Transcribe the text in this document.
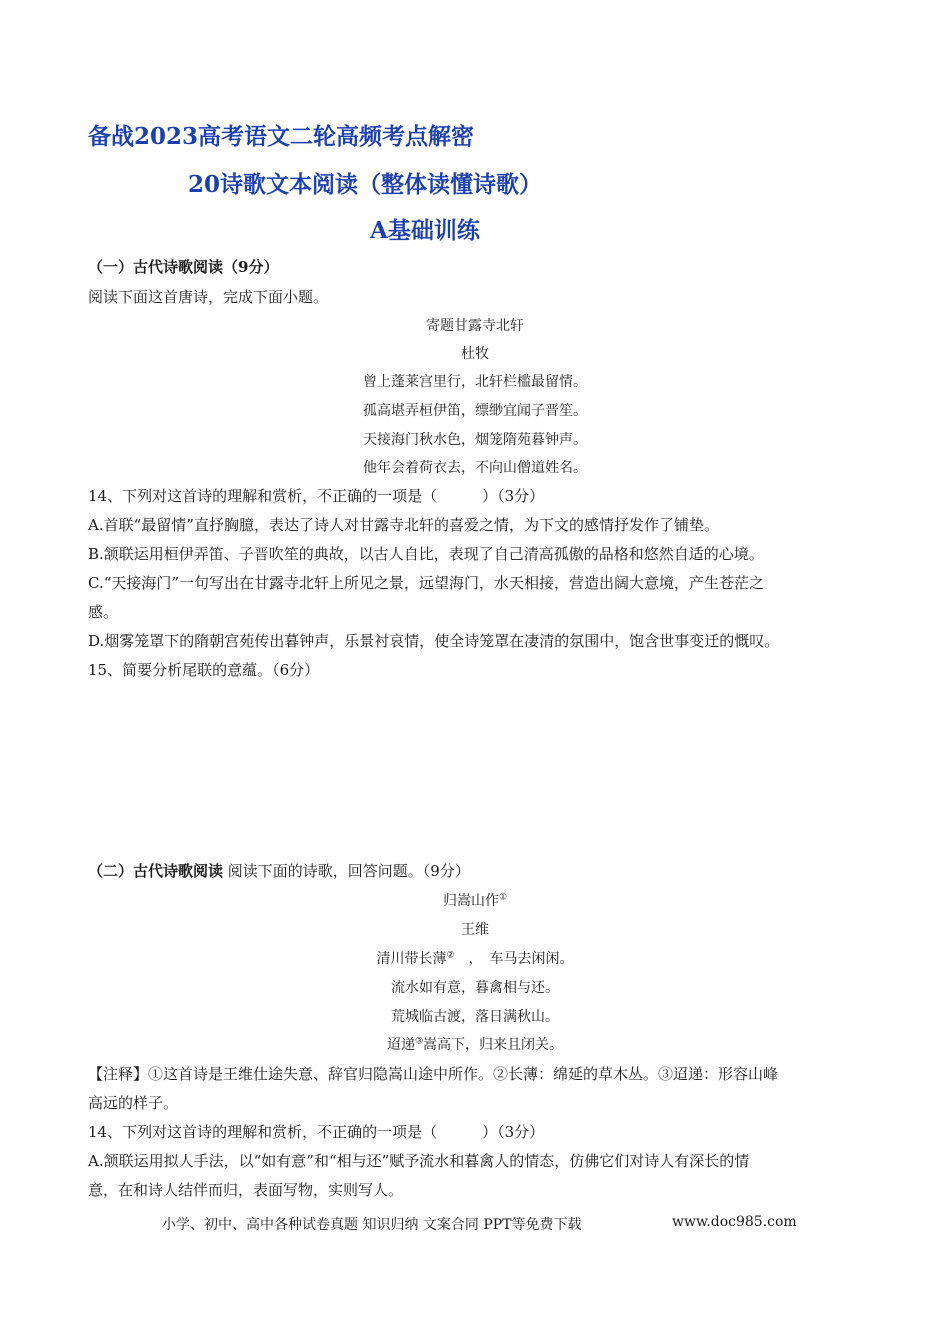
备战2023高考语文二轮高频考点解密
20诗歌文本阅读（整体读懂诗歌）
A基础训练
（一）古代诗歌阅读（9分）
阅读下面这首唐诗，完成下面小题。
寄题甘露寺北轩
杜牧
曾上蓬莱宫里行，北轩栏槛最留情。
孤高堪弄桓伊笛，缥缈宜闻子晋笙。
天接海门秋水色，烟笼隋苑暮钟声。
他年会着荷衣去，不向山僧道姓名。
14、下列对这首诗的理解和赏析，不正确的一项是（　　　）（3分）
A.首联“最留情”直抒胸臆，表达了诗人对甘露寺北轩的喜爱之情，为下文的感情抒发作了铺垫。
B.颔联运用桓伊弄笛、子晋吹笙的典故，以古人自比，表现了自己清高孤傲的品格和悠然自适的心境。
C.“天接海门”一句写出在甘露寺北轩上所见之景，远望海门，水天相接，营造出阔大意境，产生苍茫之
感。
D.烟雾笼罩下的隋朝宫苑传出暮钟声，乐景衬哀情，使全诗笼罩在凄清的氛围中，饱含世事变迁的慨叹。
15、简要分析尾联的意蕴。（6分）
（二）古代诗歌阅读 阅读下面的诗歌，回答问题。（9分）
归嵩山作①
王维
清川带长薄②　，　车马去闲闲。
流水如有意，暮禽相与还。
荒城临古渡，落日满秋山。
迢递③嵩高下，归来且闭关。
【注释】①这首诗是王维仕途失意、辞官归隐嵩山途中所作。②长薄：绵延的草木丛。③迢递：形容山峰
高远的样子。
14、下列对这首诗的理解和赏析，不正确的一项是（　　　）（3分）
A.颔联运用拟人手法，以“如有意”和“相与还”赋予流水和暮禽人的情态，仿佛它们对诗人有深长的情
意，在和诗人结伴而归，表面写物，实则写人。
小学、初中、高中各种试卷真题 知识归纳 文案合同 PPT等免费下载	www.doc985.com
